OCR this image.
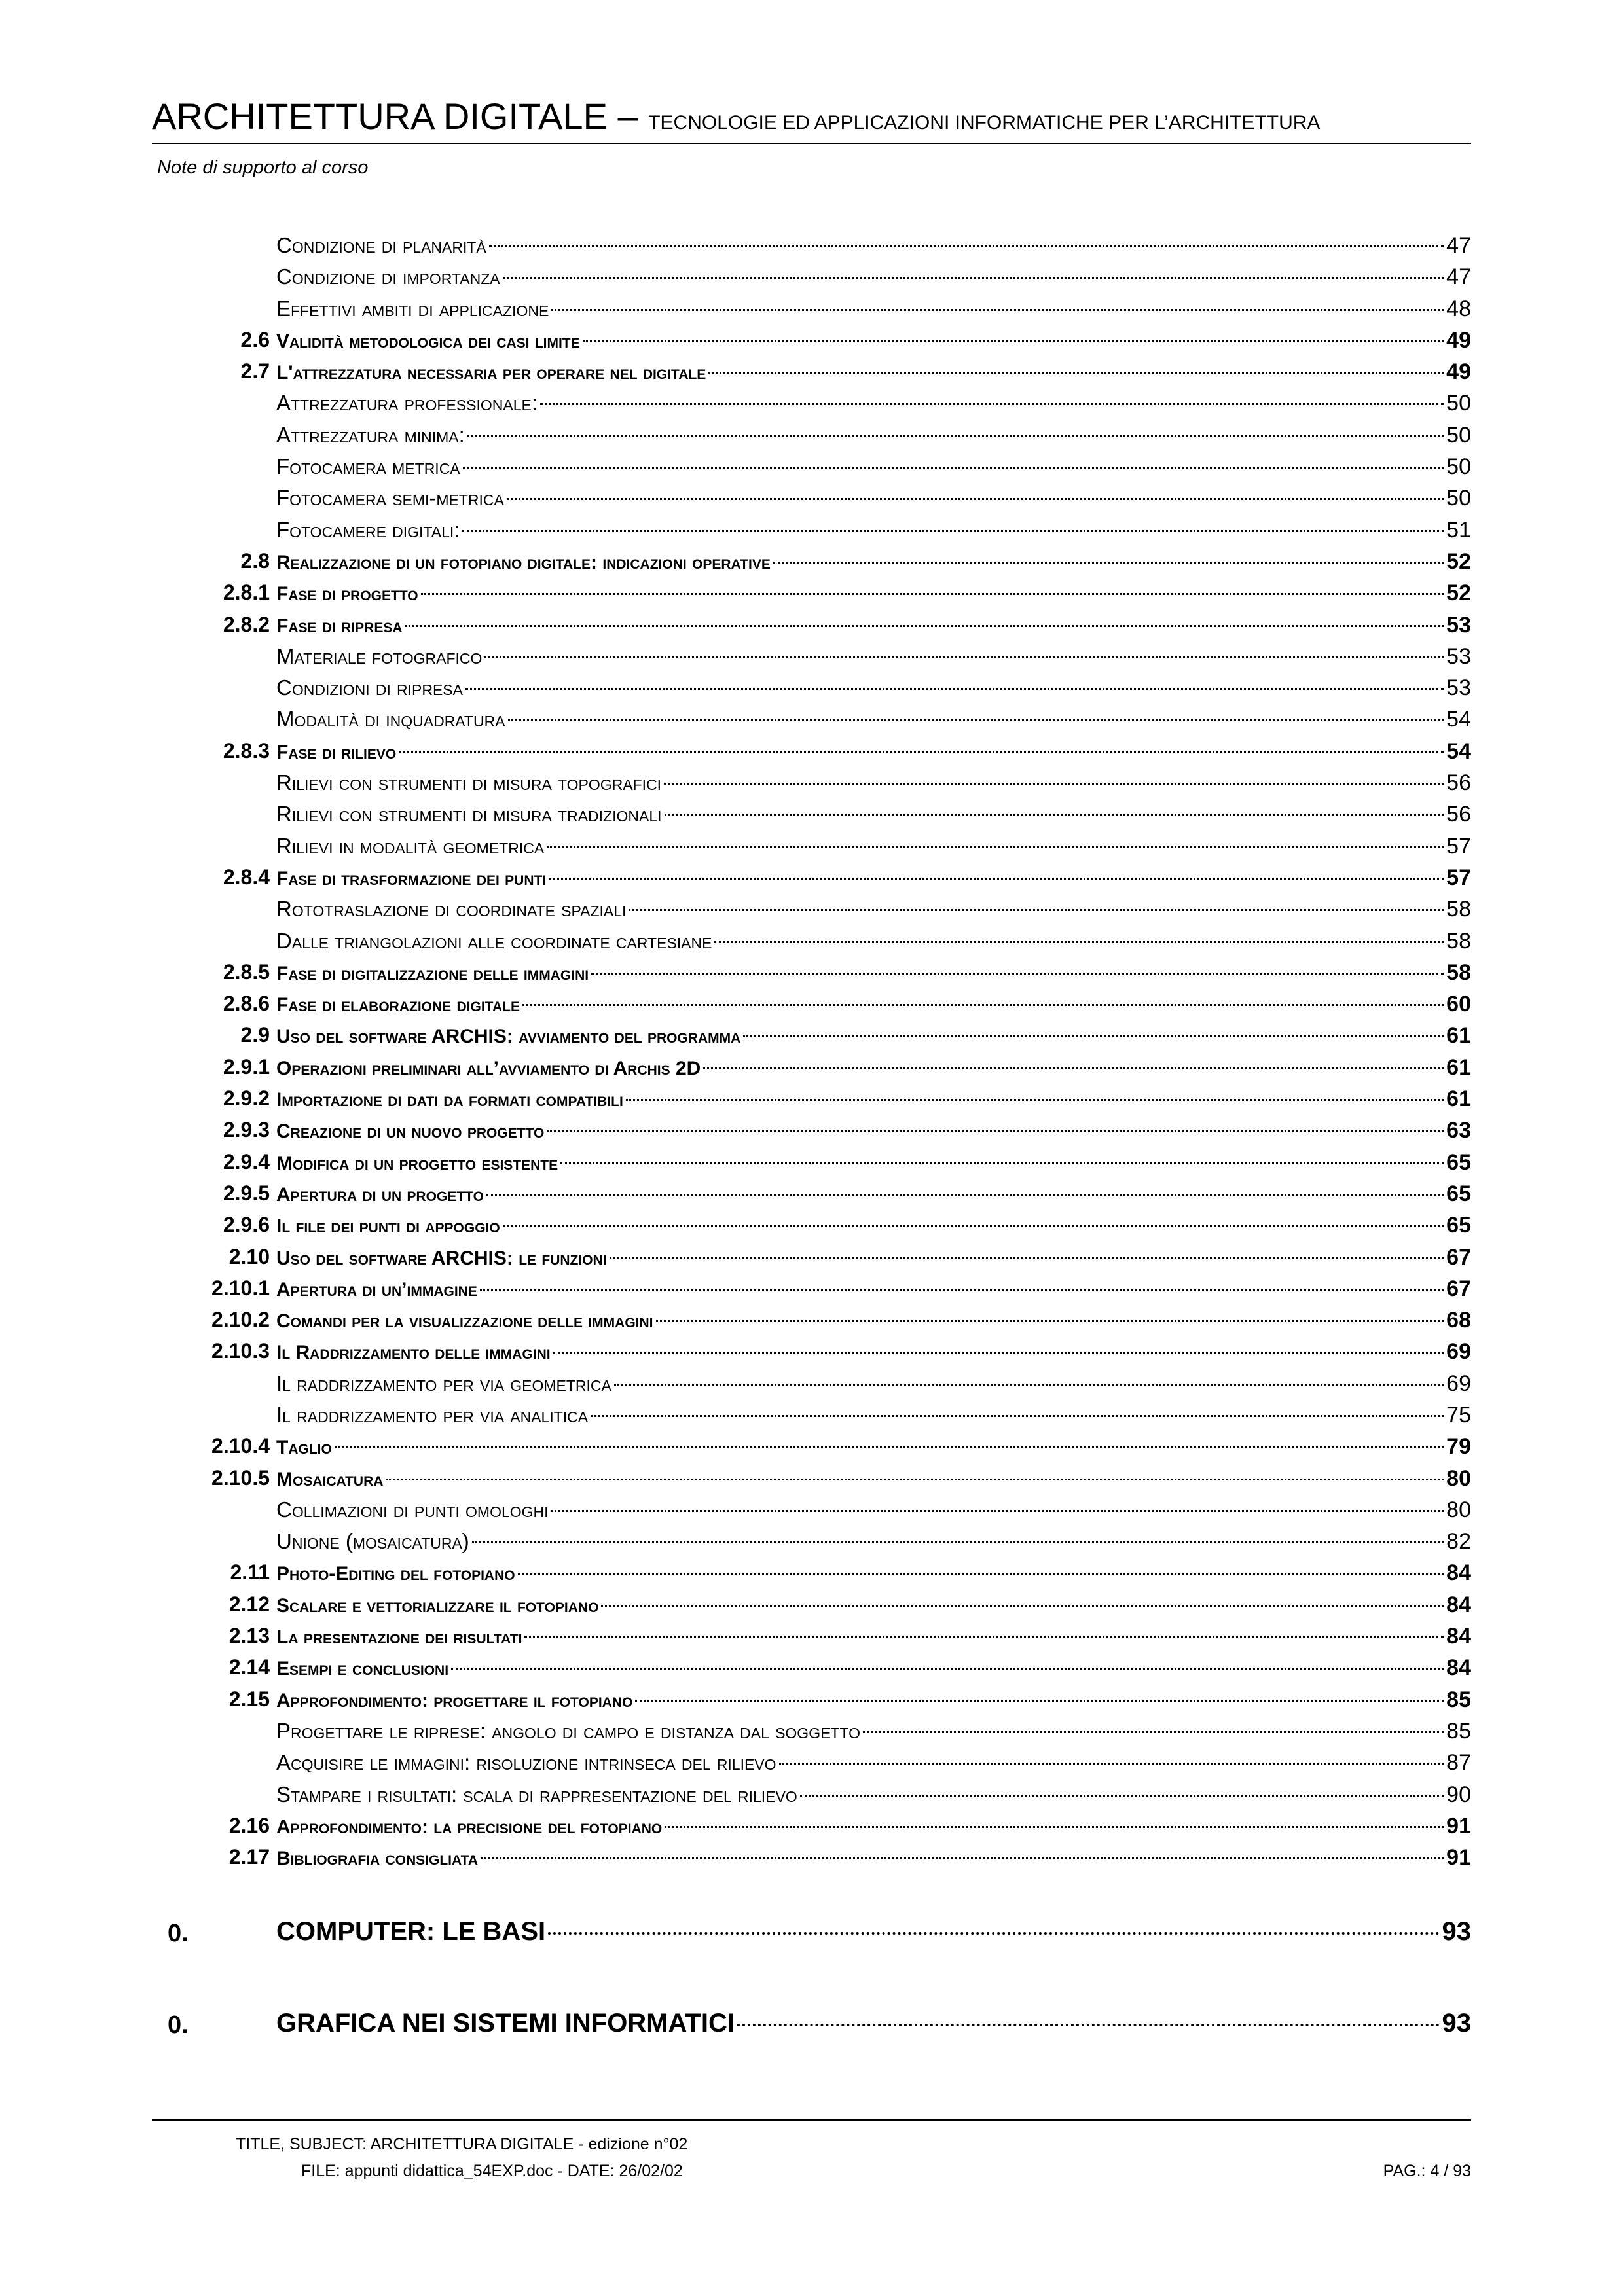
ARCHITETTURA DIGITALE – TECNOLOGIE ED APPLICAZIONI INFORMATICHE PER L’ARCHITETTURA
Note di supporto al corso
Condizione di planarità	47
Condizione di importanza	47
Effettivi ambiti di applicazione	48
2.6 Validità metodologica dei casi limite	49
2.7 L'attrezzatura necessaria per operare nel digitale	49
Attrezzatura professionale:	50
Attrezzatura minima:	50
Fotocamera metrica	50
Fotocamera semi-metrica	50
Fotocamere digitali:	51
2.8 Realizzazione di un fotopiano digitale: indicazioni operative	52
2.8.1 Fase di progetto	52
2.8.2 Fase di ripresa	53
Materiale fotografico	53
Condizioni di ripresa	53
Modalità di inquadratura	54
2.8.3 Fase di rilievo	54
Rilievi con strumenti di misura topografici	56
Rilievi con strumenti di misura tradizionali	56
Rilievi in modalità geometrica	57
2.8.4 Fase di trasformazione dei punti	57
Rototraslazione di coordinate spaziali	58
Dalle triangolazioni alle coordinate cartesiane	58
2.8.5 Fase di digitalizzazione delle immagini	58
2.8.6 Fase di elaborazione digitale	60
2.9 Uso del software ARCHIS: avviamento del programma	61
2.9.1 Operazioni preliminari all’avviamento di Archis 2D	61
2.9.2 Importazione di dati da formati compatibili	61
2.9.3 Creazione di un nuovo progetto	63
2.9.4 Modifica di un progetto esistente	65
2.9.5 Apertura di un progetto	65
2.9.6 Il file dei punti di appoggio	65
2.10 Uso del software ARCHIS: le funzioni	67
2.10.1 Apertura di un’immagine	67
2.10.2 Comandi per la visualizzazione delle immagini	68
2.10.3 Il Raddrizzamento delle immagini	69
Il raddrizzamento per via geometrica	69
Il raddrizzamento per via analitica	75
2.10.4 Taglio	79
2.10.5 Mosaicatura	80
Collimazioni di punti omologhi	80
Unione (mosaicatura)	82
2.11 Photo-Editing del fotopiano	84
2.12 Scalare e vettorializzare il fotopiano	84
2.13 La presentazione dei risultati	84
2.14 Esempi e conclusioni	84
2.15 Approfondimento: progettare il fotopiano	85
Progettare le riprese: angolo di campo e distanza dal soggetto	85
Acquisire le immagini: risoluzione intrinseca del rilievo	87
Stampare i risultati: scala di rappresentazione del rilievo	90
2.16 Approfondimento: la precisione del fotopiano	91
2.17 Bibliografia consigliata	91
0.	COMPUTER: LE BASI	93
0.	GRAFICA NEI SISTEMI INFORMATICI	93
TITLE, SUBJECT: ARCHITETTURA DIGITALE - edizione n°02
FILE: appunti didattica_54EXP.doc - DATE: 26/02/02	PAG.: 4 / 93
